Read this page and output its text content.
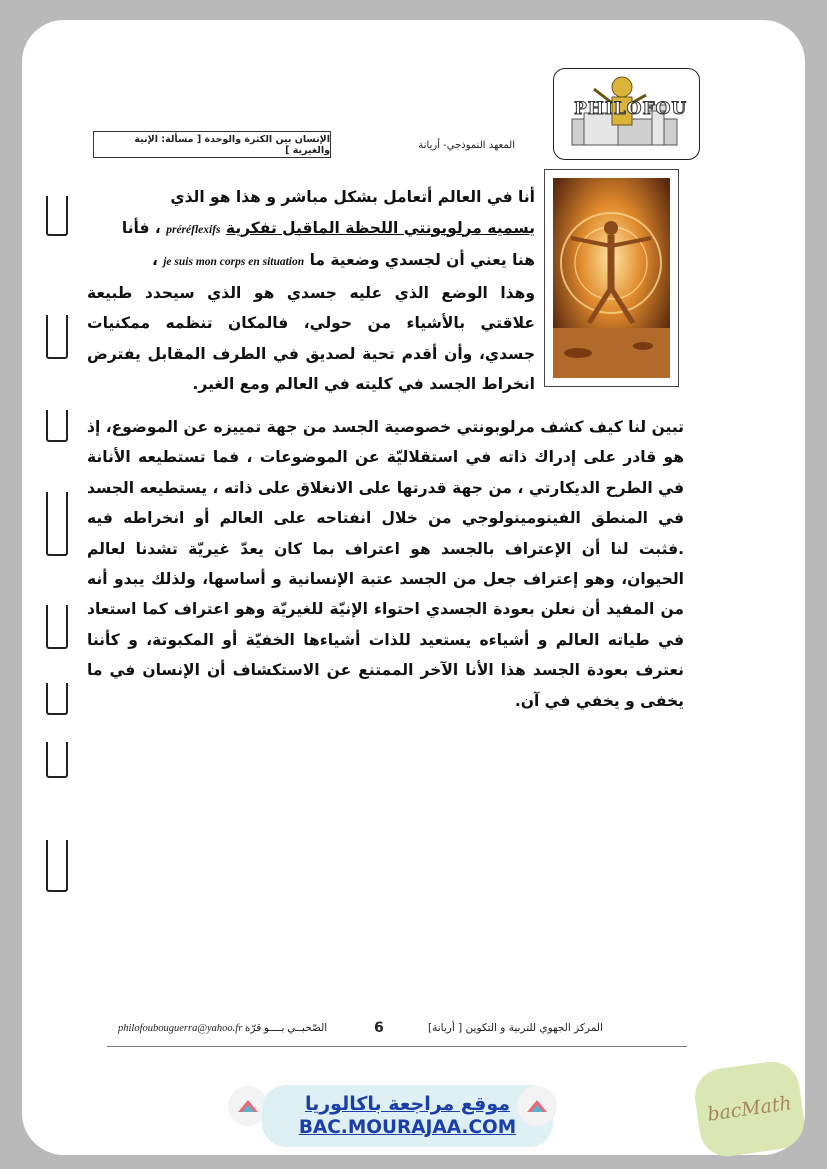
PHILOFOU
الإنسان بين الكثرة والوحدة [ مسألة: الإنية والغيرية ]	المعهد النموذجي- أريانة
أنا في العالم أتعامل بشكل مباشر و هذا هو الذي
يسميه مرلوبونتي اللحظة الماقبل تفكرية préréflexifs ، فأنا
هنا يعني أن لجسدي وضعية ما je suis mon corps en situation ،
وهذا الوضع الذي عليه جسدي هو الذي سيحدد طبيعة علاقتي بالأشياء من حولي، فالمكان تنظمه ممكنيات جسدي، وأن أقدم تحية لصديق في الطرف المقابل يفترض انخراط الجسد في كليته في العالم ومع الغير.
تبين لنا كيف كشف مرلوبونتي خصوصية الجسد من جهة تمييزه عن الموضوع، إذ هو قادر على إدراك ذاته في استقلاليّة عن الموضوعات ، فما تستطيعه الأنانة في الطرح الديكارتي ، من جهة قدرتها على الانغلاق على ذاته ، يستطيعه الجسد في المنطق الفينومينولوجي من خلال انفتاحه على العالم أو انخراطه فيه .فثبت لنا أن الإعتراف بالجسد هو اعتراف بما كان يعدّ غيريّة تشدنا لعالم الحيوان، وهو إعتراف جعل من الجسد عتبة الإنسانية و أساسها، ولذلك يبدو أنه من المفيد أن نعلن بعودة الجسدي احتواء الإنيّة للغيريّة وهو اعتراف كما استعاد في طياته العالم و أشياءه يستعيد للذات أشياءها الخفيّة أو المكبوتة، و كأننا نعترف بعودة الجسد هذا الأنا الآخر الممتنع عن الاستكشاف أن الإنسان في ما يخفى و يخفي في آن.
philofoubouguerra@yahoo.fr الصّحبــي بــــو قرّة	6	المركز الجهوي للتربية و التكوين [ أريانة]
موقع مراجعة باكالوريا
BAC.MOURAJAA.COM
bacMath
